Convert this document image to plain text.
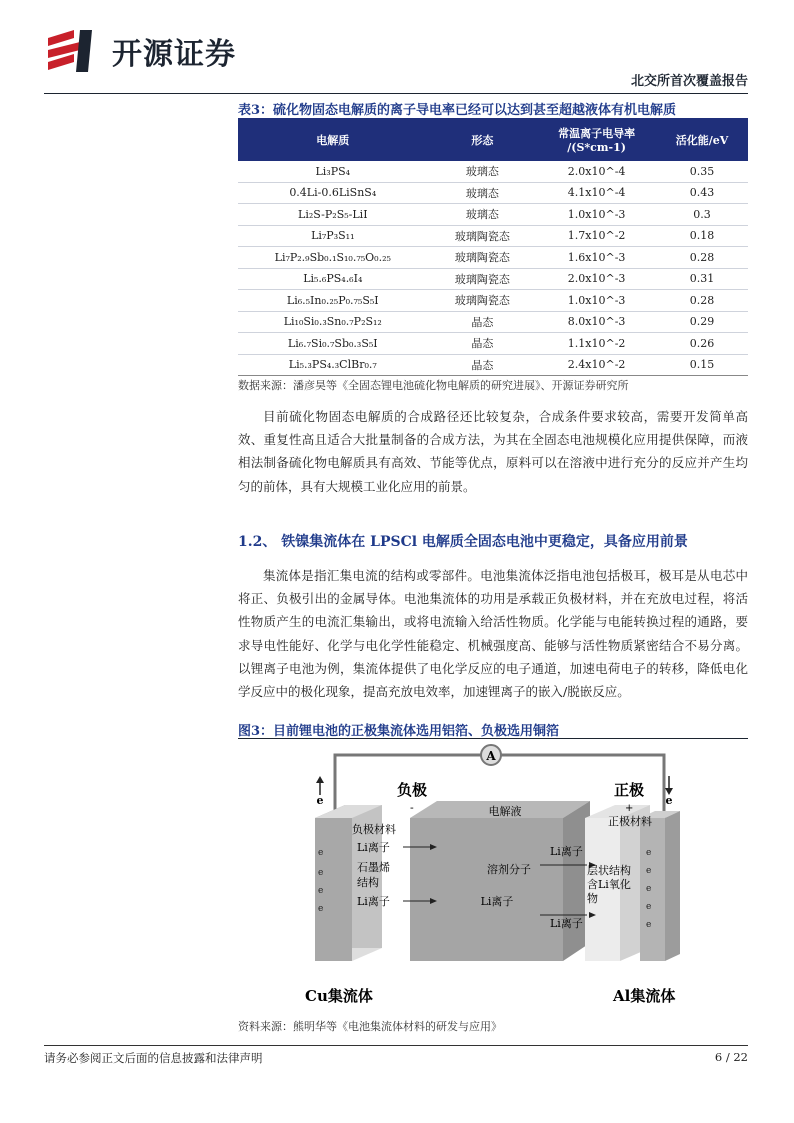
开源证券
北交所首次覆盖报告
表3：硫化物固态电解质的离子导电率已经可以达到甚至超越液体有机电解质
电解质	形态	常温离子电导率 /(S*cm-1)	活化能/eV
Li₃PS₄	玻璃态	2.0x10^-4	0.35
0.4Li-0.6LiSnS₄	玻璃态	4.1x10^-4	0.43
Li₂S-P₂S₅-LiI	玻璃态	1.0x10^-3	0.3
Li₇P₃S₁₁	玻璃陶瓷态	1.7x10^-2	0.18
Li₇P₂.₉Sb₀.₁S₁₀.₇₅O₀.₂₅	玻璃陶瓷态	1.6x10^-3	0.28
Li₅.₆PS₄.₆I₄	玻璃陶瓷态	2.0x10^-3	0.31
Li₆.₅In₀.₂₅P₀.₇₅S₅I	玻璃陶瓷态	1.0x10^-3	0.28
Li₁₀Si₀.₃Sn₀.₇P₂S₁₂	晶态	8.0x10^-3	0.29
Li₆.₇Si₀.₇Sb₀.₃S₅I	晶态	1.1x10^-2	0.26
Li₅.₃PS₄.₃ClBr₀.₇	晶态	2.4x10^-2	0.15
数据来源：潘彦昊等《全固态锂电池硫化物电解质的研究进展》、开源证券研究所
目前硫化物固态电解质的合成路径还比较复杂，合成条件要求较高，需要开发简单高效、重复性高且适合大批量制备的合成方法，为其在全固态电池规模化应用提供保障，而液相法制备硫化物电解质具有高效、节能等优点，原料可以在溶液中进行充分的反应并产生均匀的前体，具有大规模工业化应用的前景。
1.2、 铁镍集流体在 LPSCl 电解质全固态电池中更稳定，具备应用前景
集流体是指汇集电流的结构或零部件。电池集流体泛指电池包括极耳，极耳是从电芯中将正、负极引出的金属导体。电池集流体的功用是承载正负极材料，并在充放电过程，将活性物质产生的电流汇集输出，或将电流输入给活性物质。化学能与电能转换过程的通路，要求导电性能好、化学与电化学性能稳定、机械强度高、能够与活性物质紧密结合不易分离。以锂离子电池为例，集流体提供了电化学反应的电子通道，加速电荷电子的转移，降低电化学反应中的极化现象，提高充放电效率，加速锂离子的嵌入/脱嵌反应。
图3：目前锂电池的正极集流体选用铝箔、负极选用铜箔
A
e	e
负极
-
e
e
e
e
电解液
溶剂分子
Li离子
负极材料
Li离子
石墨烯
结构
Li离子
正极
+
正极材料
Li离子
Li离子
层状结构
含Li氧化
物
e
e
e
e
e
Cu集流体	Al集流体
资料来源：熊明华等《电池集流体材料的研发与应用》
请务必参阅正文后面的信息披露和法律声明	6 / 22
